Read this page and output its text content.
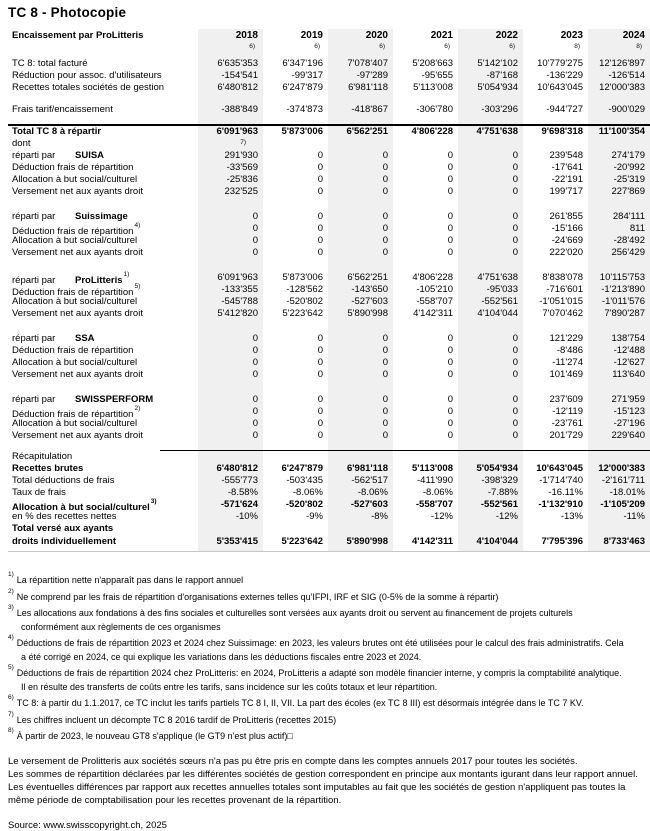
TC 8 - Photocopie
Encaissement par ProLitteris	2018	2019	2020	2021	2022	2023	2024
6)	6)	6)	6)	6)	8)	8)
TC 8: total facturé	6'635'353	6'347'196	7'078'407	5'208'663	5'142'102	10'779'275	12'126'897
Réduction pour assoc. d'utilisateurs	-154'541	-99'317	-97'289	-95'655	-87'168	-136'229	-126'514
Recettes totales sociétés de gestion	6'480'812	6'247'879	6'981'118	5'113'008	5'054'934	10'643'045	12'000'383
Frais tarif/encaissement	-388'849	-374'873	-418'867	-306'780	-303'296	-944'727	-900'029
Total TC 8 à répartir	6'091'963	5'873'006	6'562'251	4'806'228	4'751'638	9'698'318	11'100'354
dont	7)
réparti par SUISA	291'930	0	0	0	0	239'548	274'179
Déduction frais de répartition	-33'569	0	0	0	0	-17'641	-20'992
Allocation à but social/culturel	-25'836	0	0	0	0	-22'191	-25'319
Versement net aux ayants droit	232'525	0	0	0	0	199'717	227'869
réparti par Suissimage	0	0	0	0	0	261'855	284'111
Déduction frais de répartition$^{4)}$	0	0	0	0	0	-15'166	811
Allocation à but social/culturel	0	0	0	0	0	-24'669	-28'492
Versement net aux ayants droit	0	0	0	0	0	222'020	256'429
réparti par ProLitteris$^{1)}$	6'091'963	5'873'006	6'562'251	4'806'228	4'751'638	8'838'078	10'115'753
Déduction frais de répartition$^{5)}$	-133'355	-128'562	-143'650	-105'210	-95'033	-716'601	-1'213'890
Allocation à but social/culturel	-545'788	-520'802	-527'603	-558'707	-552'561	-1'051'015	-1'011'576
Versement net aux ayants droit	5'412'820	5'223'642	5'890'998	4'142'311	4'104'044	7'070'462	7'890'287
réparti par SSA	0	0	0	0	0	121'229	138'754
Déduction frais de répartition	0	0	0	0	0	-8'486	-12'488
Allocation à but social/culturel	0	0	0	0	0	-11'274	-12'627
Versement net aux ayants droit	0	0	0	0	0	101'469	113'640
réparti par SWISSPERFORM	0	0	0	0	0	237'609	271'959
Déduction frais de répartition$^{2)}$	0	0	0	0	0	-12'119	-15'123
Allocation à but social/culturel	0	0	0	0	0	-23'761	-27'196
Versement net aux ayants droit	0	0	0	0	0	201'729	229'640
Récapitulation
Recettes brutes	6'480'812	6'247'879	6'981'118	5'113'008	5'054'934	10'643'045	12'000'383
Total déductions de frais	-555'773	-503'435	-562'517	-411'990	-398'329	-1'714'740	-2'161'711
Taux de frais	-8.58%	-8.06%	-8.06%	-8.06%	-7.88%	-16.11%	-18.01%
Allocation à but social/culturel$^{3)}$	-571'624	-520'802	-527'603	-558'707	-552'561	-1'132'910	-1'105'209
en % des recettes nettes	-10%	-9%	-8%	-12%	-12%	-13%	-11%
Total versé aux ayants
droits individuellement	5'353'415	5'223'642	5'890'998	4'142'311	4'104'044	7'795'396	8'733'463
$^{1)}$La répartition nette n'apparaît pas dans le rapport annuel
$^{2)}$Ne comprend par les frais de répartition d'organisations externes telles qu'IFPI, IRF et SIG (0-5% de la somme à répartir)
$^{3)}$Les allocations aux fondations à des fins sociales et culturelles sont versées aux ayants droit ou servent au financement de projets culturels conformément aux règlements de ces organismes
$^{4)}$Déductions de frais de répartition 2023 et 2024 chez Suissimage: en 2023, les valeurs brutes ont été utilisées pour le calcul des frais administratifs. Cela a été corrigé en 2024, ce qui explique les variations dans les déductions fiscales entre 2023 et 2024.
$^{5)}$Déductions de frais de répartition 2024 chez ProLitteris: en 2024, ProLitteris a adapté son modèle financier interne, y compris la comptabilité analytique. Il en résulte des transferts de coûts entre les tarifs, sans incidence sur les coûts totaux et leur répartition.
$^{6)}$TC 8: à partir du 1.1.2017, ce TC inclut les tarifs partiels TC 8 I, II, VII. La part des écoles (ex TC 8 III) est désormais intégrée dans le TC 7 KV.
$^{7)}$Les chiffres incluent un décompte TC 8 2016 tardif de ProLitteris (recettes 2015)
$^{8)}$À partir de 2023, le nouveau GT8 s'applique (le GT9 n'est plus actif)□
Le versement de Prolitteris aux sociétés sœurs n'a pas pu être pris en compte dans les comptes annuels 2017 pour toutes les sociétés.
Les sommes de répartition déclarées par les différentes sociétés de gestion correspondent en principe aux montants igurant dans leur rapport annuel.
Les éventuelles différences par rapport aux recettes annuelles totales sont imputables au fait que les sociétés de gestion n'appliquent pas toutes la même période de comptabilisation pour les recettes provenant de la répartition.
Source: www.swisscopyright.ch, 2025
